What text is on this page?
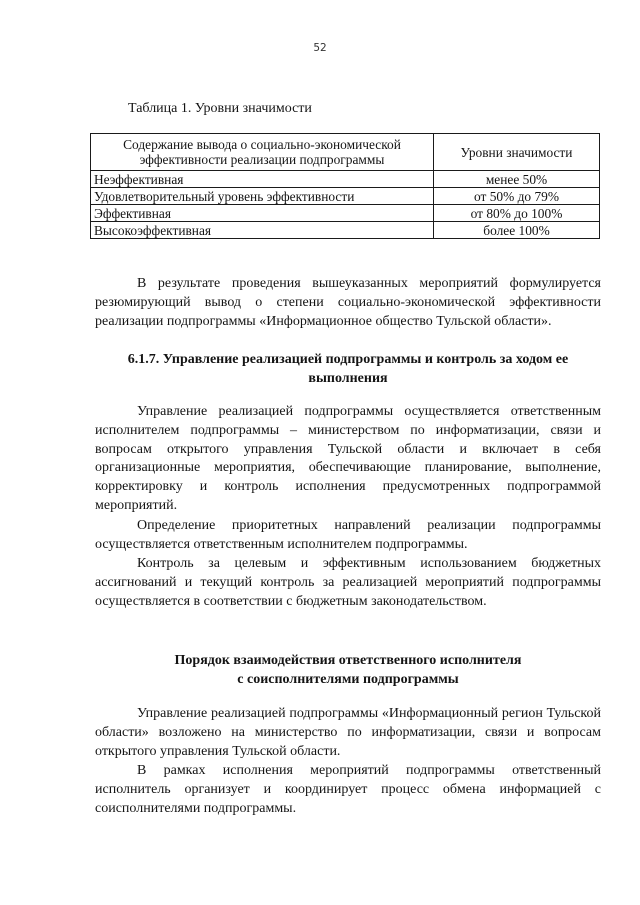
52
Таблица 1. Уровни значимости
Содержание вывода о социально-экономической
эффективности реализации подпрограммы	Уровни значимости
Неэффективная	менее 50%
Удовлетворительный уровень эффективности	от 50% до 79%
Эффективная	от 80% до 100%
Высокоэффективная	более 100%
В результате проведения вышеуказанных мероприятий формулируется резюмирующий вывод о степени социально-экономической эффективности реализации подпрограммы «Информационное общество Тульской области».
6.1.7. Управление реализацией подпрограммы и контроль за ходом ее
выполнения
Управление реализацией подпрограммы осуществляется ответственным исполнителем подпрограммы – министерством по информатизации, связи и вопросам открытого управления Тульской области и включает в себя организационные мероприятия, обеспечивающие планирование, выполнение, корректировку и контроль исполнения предусмотренных подпрограммой мероприятий.
Определение приоритетных направлений реализации подпрограммы осуществляется ответственным исполнителем подпрограммы.
Контроль за целевым и эффективным использованием бюджетных ассигнований и текущий контроль за реализацией мероприятий подпрограммы осуществляется в соответствии с бюджетным законодательством.
Порядок взаимодействия ответственного исполнителя
с соисполнителями подпрограммы
Управление реализацией подпрограммы «Информационный регион Тульской области» возложено на министерство по информатизации, связи и вопросам открытого управления Тульской области.
В рамках исполнения мероприятий подпрограммы ответственный исполнитель организует и координирует процесс обмена информацией с соисполнителями подпрограммы.
